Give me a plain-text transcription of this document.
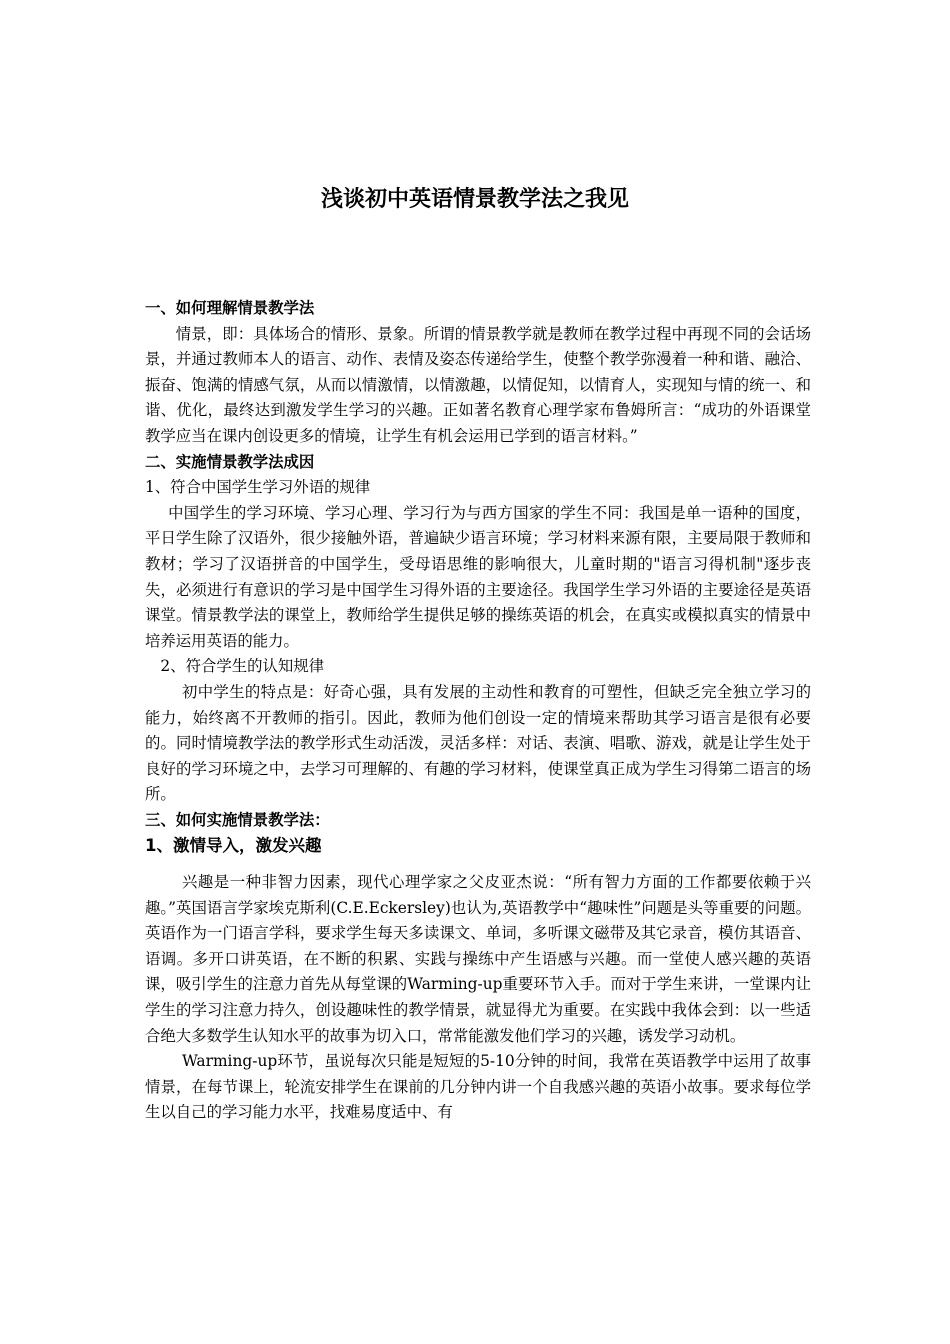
浅谈初中英语情景教学法之我见

一、如何理解情景教学法

情景，即：具体场合的情形、景象。所谓的情景教学就是教师在教学过程中再现不同的会话场景，并通过教师本人的语言、动作、表情及姿态传递给学生，使整个教学弥漫着一种和谐、融洽、振奋、饱满的情感气氛，从而以情激情，以情激趣，以情促知，以情育人，实现知与情的统一、和谐、优化，最终达到激发学生学习的兴趣。正如著名教育心理学家布鲁姆所言：“成功的外语课堂教学应当在课内创设更多的情境，让学生有机会运用已学到的语言材料。”

二、实施情景教学法成因

1、符合中国学生学习外语的规律

中国学生的学习环境、学习心理、学习行为与西方国家的学生不同：我国是单一语种的国度，平日学生除了汉语外，很少接触外语，普遍缺少语言环境；学习材料来源有限，主要局限于教师和教材；学习了汉语拼音的中国学生，受母语思维的影响很大，儿童时期的"语言习得机制"逐步丧失，必须进行有意识的学习是中国学生习得外语的主要途径。我国学生学习外语的主要途径是英语课堂。情景教学法的课堂上，教师给学生提供足够的操练英语的机会，在真实或模拟真实的情景中培养运用英语的能力。

2、符合学生的认知规律

初中学生的特点是：好奇心强，具有发展的主动性和教育的可塑性，但缺乏完全独立学习的能力，始终离不开教师的指引。因此，教师为他们创设一定的情境来帮助其学习语言是很有必要的。同时情境教学法的教学形式生动活泼，灵活多样：对话、表演、唱歌、游戏，就是让学生处于良好的学习环境之中，去学习可理解的、有趣的学习材料，使课堂真正成为学生习得第二语言的场所。

三、如何实施情景教学法：

1、激情导入，激发兴趣

兴趣是一种非智力因素，现代心理学家之父皮亚杰说：“所有智力方面的工作都要依赖于兴趣。”英国语言学家埃克斯利(C.E.Eckersley)也认为,英语教学中“趣味性”问题是头等重要的问题。英语作为一门语言学科，要求学生每天多读课文、单词，多听课文磁带及其它录音，模仿其语音、语调。多开口讲英语，在不断的积累、实践与操练中产生语感与兴趣。而一堂使人感兴趣的英语课，吸引学生的注意力首先从每堂课的Warming-up重要环节入手。而对于学生来讲，一堂课内让学生的学习注意力持久，创设趣味性的教学情景，就显得尤为重要。在实践中我体会到：以一些适合绝大多数学生认知水平的故事为切入口，常常能激发他们学习的兴趣，诱发学习动机。

Warming-up环节，虽说每次只能是短短的5-10分钟的时间，我常在英语教学中运用了故事情景，在每节课上，轮流安排学生在课前的几分钟内讲一个自我感兴趣的英语小故事。要求每位学生以自己的学习能力水平，找难易度适中、有
